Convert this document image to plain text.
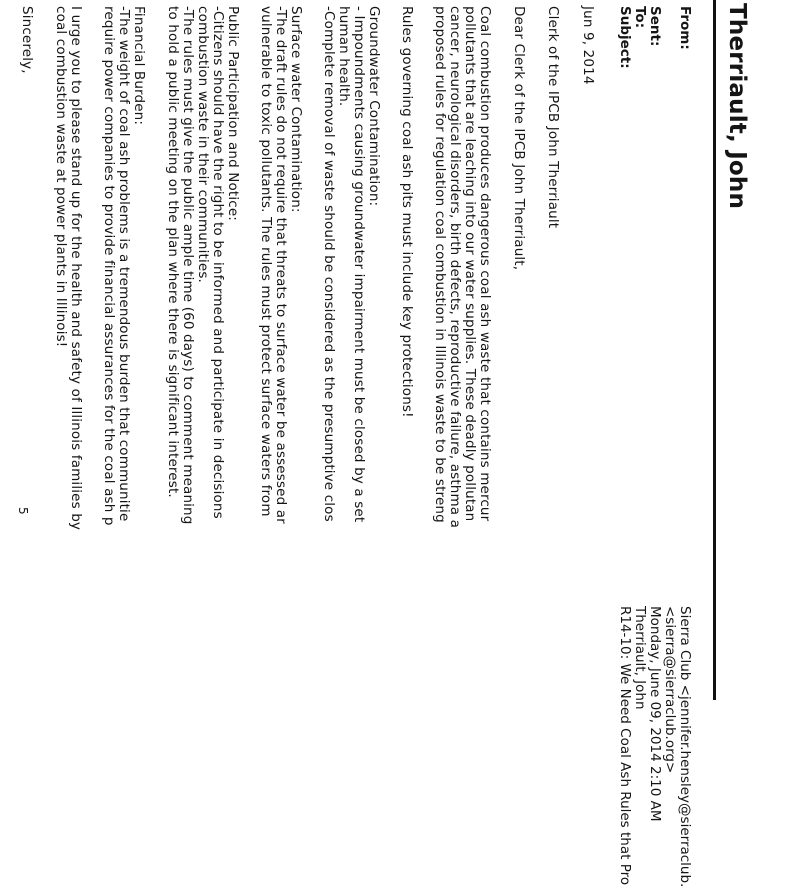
Therriault, John
From:
Sierra Club <jennifer.hensley@sierraclub.
<sierra@sierraclub.org>
Sent:
Monday, June 09, 2014 2:10 AM
To:
Therriault, John
Subject:
R14-10: We Need Coal Ash Rules that Pro
Jun 9, 2014
Clerk of the IPCB John Therriault
Dear Clerk of the IPCB John Therriault,
Coal combustion produces dangerous coal ash waste that contains mercur
pollutants that are leaching into our water supplies. These deadly pollutan
cancer, neurological disorders, birth defects, reproductive failure, asthma a
proposed rules for regulation coal combustion in Illinois waste to be streng
Rules governing coal ash pits must include key protections!
Groundwater Contamination:
- Impoundments causing groundwater impairment must be closed by a set
human health.
-Complete removal of waste should be considered as the presumptive clos
Surface water Contamination:
-The draft rules do not require that threats to surface water be assessed ar
vulnerable to toxic pollutants. The rules must protect surface waters from
Public Participation and Notice:
-Citizens should have the right to be informed and participate in decisions
combustion waste in their communities.
-The rules must give the public ample time (60 days) to comment meaning
to hold a public meeting on the plan where there is significant interest.
Financial Burden:
-The weight of coal ash problems is a tremendous burden that communitie
require power companies to provide financial assurances for the coal ash p
I urge you to please stand up for the health and safety of Illinois families by
coal combustion waste at power plants in Illinois!
Sincerely,
5
